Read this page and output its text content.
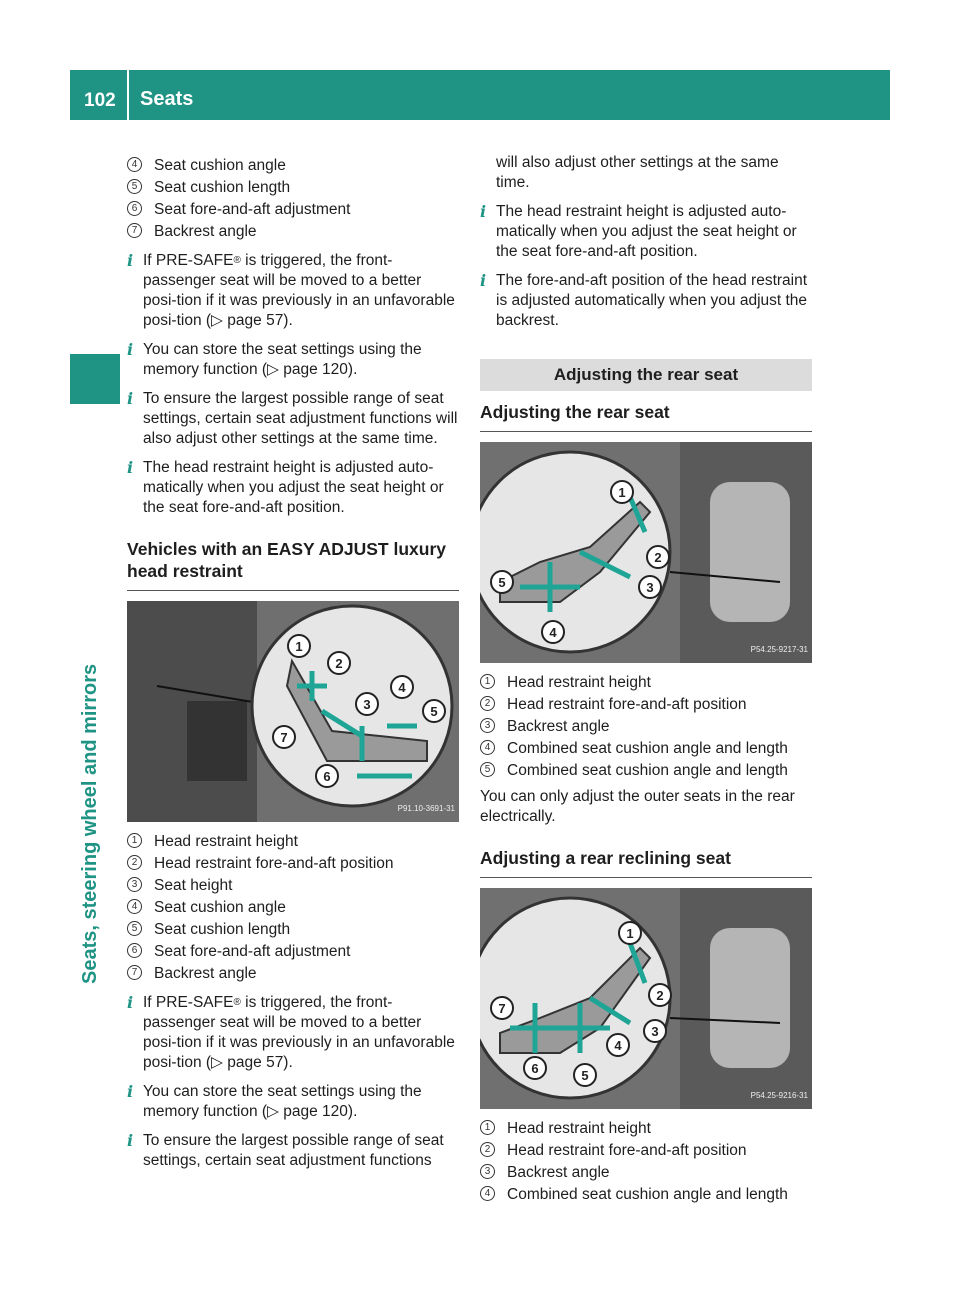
102 Seats
Seats, steering wheel and mirrors
4	Seat cushion angle
5	Seat cushion length
6	Seat fore-and-aft adjustment
7	Backrest angle
i If PRE-SAFE® is triggered, the front-passenger seat will be moved to a better posi-tion if it was previously in an unfavorable posi-tion (▷ page 57).
i You can store the seat settings using the memory function (▷ page 120).
i To ensure the largest possible range of seat settings, certain seat adjustment functions will also adjust other settings at the same time.
i The head restraint height is adjusted auto-matically when you adjust the seat height or the seat fore-and-aft position.
Vehicles with an EASY ADJUST luxury head restraint
1
2
3
4
5
6
7
P91.10-3691-31
1	Head restraint height
2	Head restraint fore-and-aft position
3	Seat height
4	Seat cushion angle
5	Seat cushion length
6	Seat fore-and-aft adjustment
7	Backrest angle
i If PRE-SAFE® is triggered, the front-passenger seat will be moved to a better posi-tion if it was previously in an unfavorable posi-tion (▷ page 57).
i You can store the seat settings using the memory function (▷ page 120).
i To ensure the largest possible range of seat settings, certain seat adjustment functions
will also adjust other settings at the same time.
i The head restraint height is adjusted auto-matically when you adjust the seat height or the seat fore-and-aft position.
i The fore-and-aft position of the head restraint is adjusted automatically when you adjust the backrest.
Adjusting the rear seat
Adjusting the rear seat
1
2
3
4
5
P54.25-9217-31
1	Head restraint height
2	Head restraint fore-and-aft position
3	Backrest angle
4	Combined seat cushion angle and length
5	Combined seat cushion angle and length
You can only adjust the outer seats in the rear electrically.
Adjusting a rear reclining seat
1
2
3
4
5
6
7
P54.25-9216-31
1	Head restraint height
2	Head restraint fore-and-aft position
3	Backrest angle
4	Combined seat cushion angle and length
